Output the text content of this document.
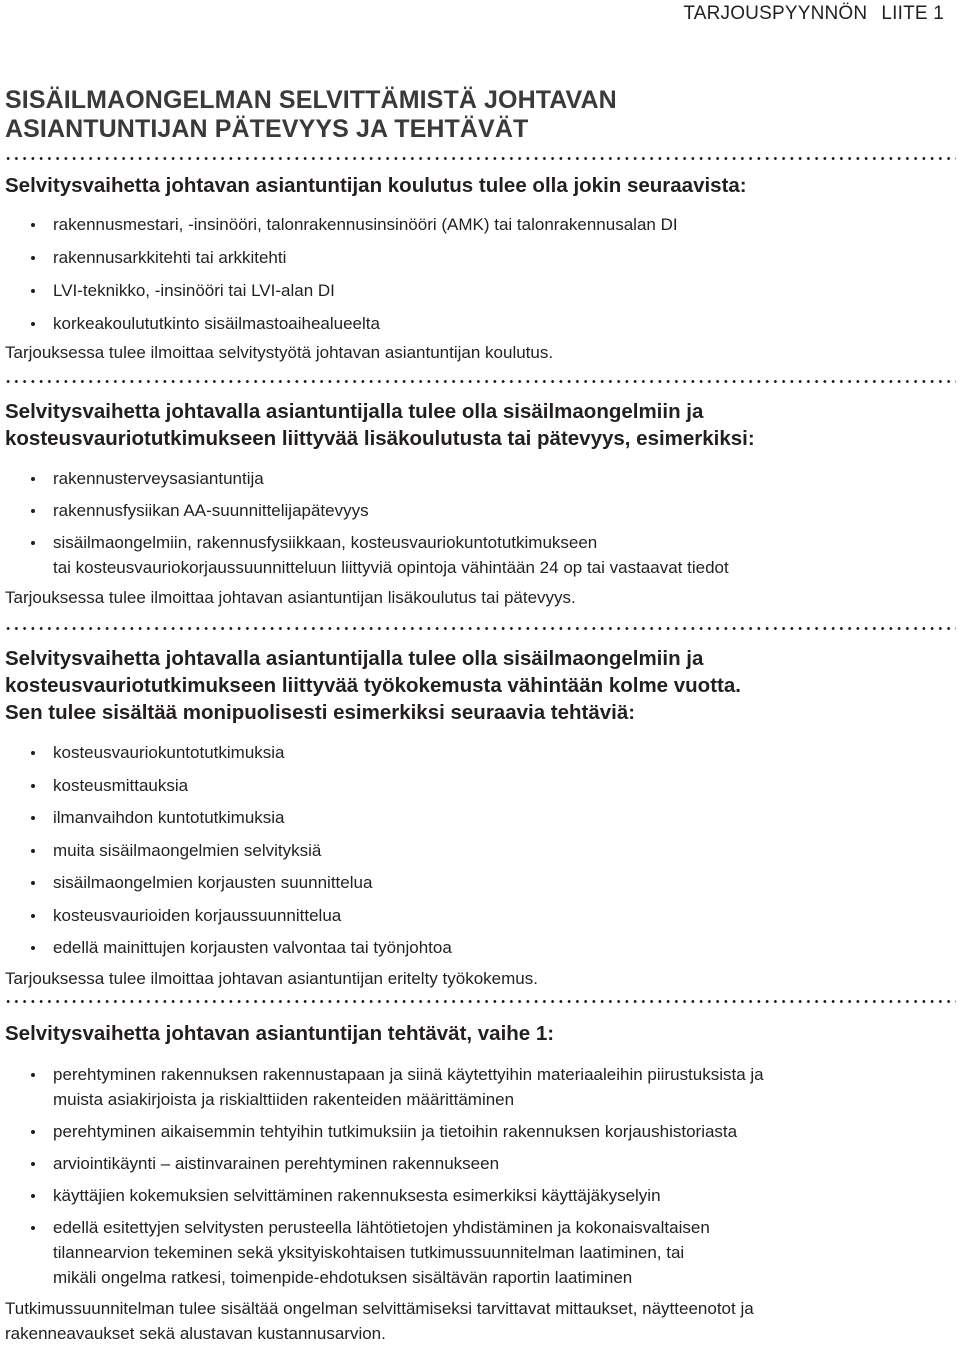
TARJOUSPYYNNÖN LIITE 1
SISÄILMAONGELMAN SELVITTÄMISTÄ JOHTAVAN
ASIANTUNTIJAN PÄTEVYYS JA TEHTÄVÄT
Selvitysvaihetta johtavan asiantuntijan koulutus tulee olla jokin seuraavista:
rakennusmestari, -insinööri, talonrakennusinsinööri (AMK) tai talonrakennusalan DI
rakennusarkkitehti tai arkkitehti
LVI-teknikko, -insinööri tai LVI-alan DI
korkeakoulututkinto sisäilmastoaihealueelta

Tarjouksessa tulee ilmoittaa selvitystyötä johtavan asiantuntijan koulutus.

Selvitysvaihetta johtavalla asiantuntijalla tulee olla sisäilmaongelmiin ja
kosteusvauriotutkimukseen liittyvää lisäkoulutusta tai pätevyys, esimerkiksi:
rakennusterveysasiantuntija
rakennusfysiikan AA-suunnittelijapätevyys
sisäilmaongelmiin, rakennusfysiikkaan, kosteusvauriokuntotutkimukseen
tai kosteusvauriokorjaussuunnitteluun liittyviä opintoja vähintään 24 op tai vastaavat tiedot

Tarjouksessa tulee ilmoittaa johtavan asiantuntijan lisäkoulutus tai pätevyys.

Selvitysvaihetta johtavalla asiantuntijalla tulee olla sisäilmaongelmiin ja
kosteusvauriotutkimukseen liittyvää työkokemusta vähintään kolme vuotta.
Sen tulee sisältää monipuolisesti esimerkiksi seuraavia tehtäviä:
kosteusvauriokuntotutkimuksia
kosteusmittauksia
ilmanvaihdon kuntotutkimuksia
muita sisäilmaongelmien selvityksiä
sisäilmaongelmien korjausten suunnittelua
kosteusvaurioiden korjaussuunnittelua
edellä mainittujen korjausten valvontaa tai työnjohtoa

Tarjouksessa tulee ilmoittaa johtavan asiantuntijan eritelty työkokemus.

Selvitysvaihetta johtavan asiantuntijan tehtävät, vaihe 1:
perehtyminen rakennuksen rakennustapaan ja siinä käytettyihin materiaaleihin piirustuksista ja
muista asiakirjoista ja riskialttiiden rakenteiden määrittäminen
perehtyminen aikaisemmin tehtyihin tutkimuksiin ja tietoihin rakennuksen korjaushistoriasta
arviointikäynti – aistinvarainen perehtyminen rakennukseen
käyttäjien kokemuksien selvittäminen rakennuksesta esimerkiksi käyttäjäkyselyin
edellä esitettyjen selvitysten perusteella lähtötietojen yhdistäminen ja kokonaisvaltaisen
tilannearvion tekeminen sekä yksityiskohtaisen tutkimussuunnitelman laatiminen, tai
mikäli ongelma ratkesi, toimenpide-ehdotuksen sisältävän raportin laatiminen

Tutkimussuunnitelman tulee sisältää ongelman selvittämiseksi tarvittavat mittaukset, näytteenotot ja
rakenneavaukset sekä alustavan kustannusarvion.
